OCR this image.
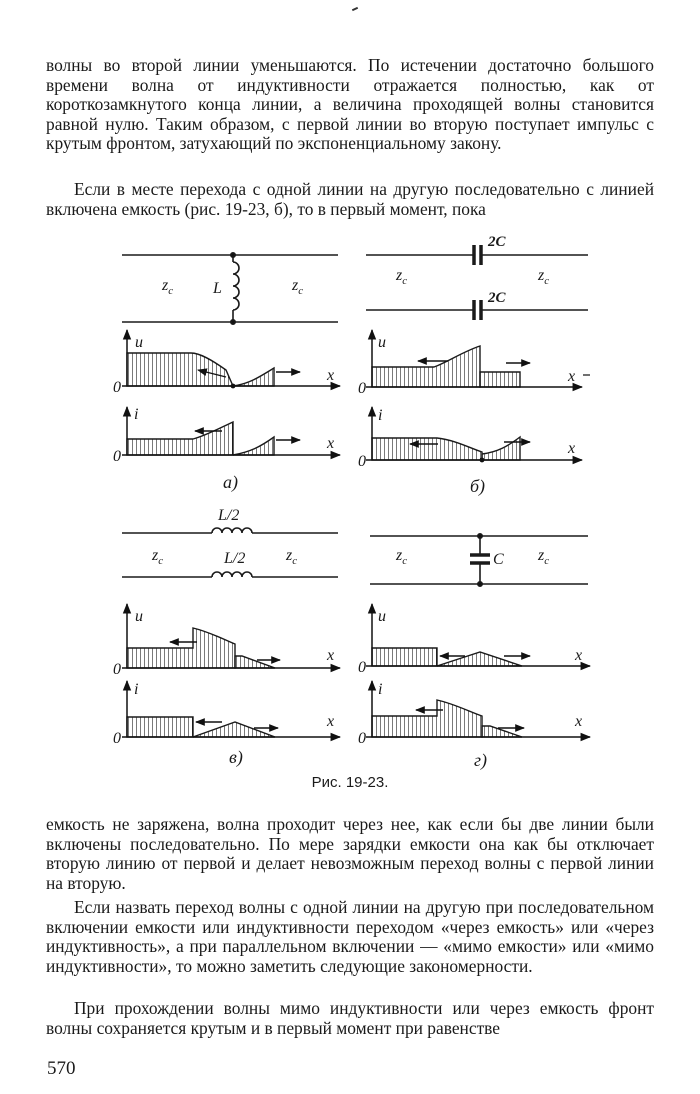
волны во второй линии уменьшаются. По истечении достаточно большого времени волна от индуктивности отражается полностью, как от короткозамкнутого конца линии, а величина проходящей волны становится равной нулю. Таким образом, с первой линии во вторую поступает импульс с крутым фронтом, затухающий по экспоненциальному закону.

Если в месте перехода с одной линии на другую последовательно с линией включена емкость (рис. 19-23, б), то в первый момент, пока

$z_c$	$z_c$
L
u
0
x
i
0
x
а)
2C
2C
$z_c$	$z_c$
u
0
x
i
0
x
б)
L/2
L/2
$z_c$	$z_c$
u
0
x
i
0
x
в)
C
$z_c$	$z_c$
u
0
x
i
0
x
г)
Рис. 19-23.

емкость не заряжена, волна проходит через нее, как если бы две линии были включены последовательно. По мере зарядки емкости она как бы отключает вторую линию от первой и делает невозможным переход волны с первой линии на вторую.

Если назвать переход волны с одной линии на другую при последовательном включении емкости или индуктивности переходом «через емкость» или «через индуктивность», а при параллельном включении — «мимо емкости» или «мимо индуктивности», то можно заметить следующие закономерности.

При прохождении волны мимо индуктивности или через емкость фронт волны сохраняется крутым и в первый момент при равенстве

570
